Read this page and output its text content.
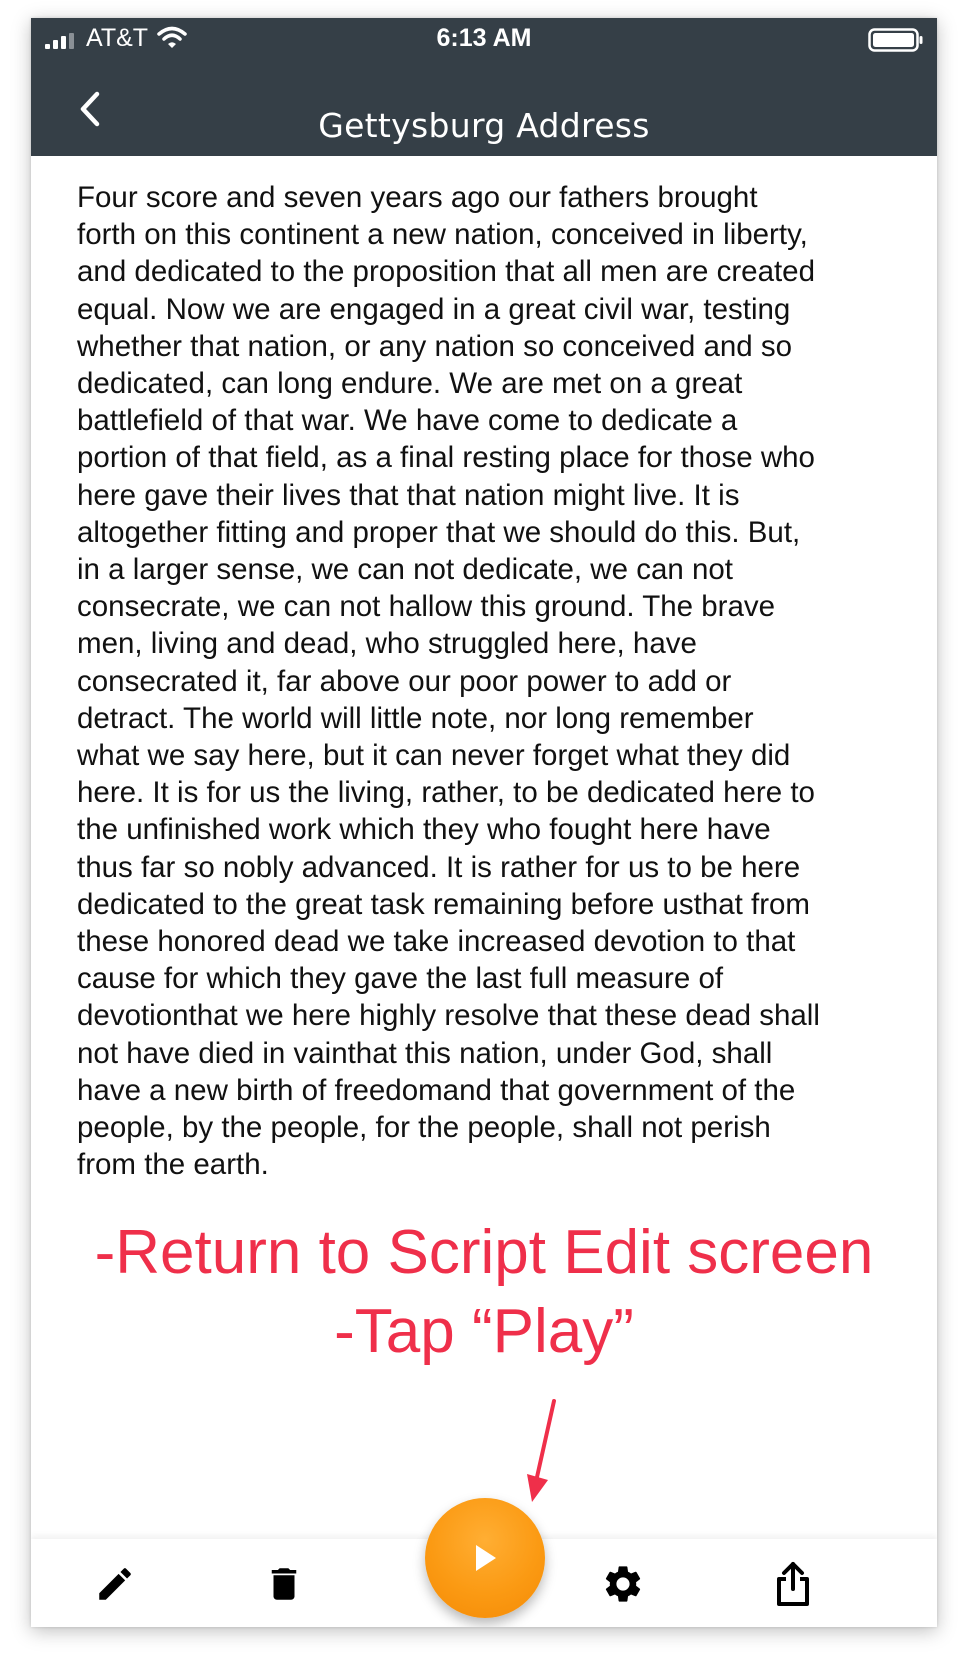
AT&T	6:13 AM
Gettysburg Address
Four score and seven years ago our fathers brought
forth on this continent a new nation, conceived in liberty,
and dedicated to the proposition that all men are created
equal. Now we are engaged in a great civil war, testing
whether that nation, or any nation so conceived and so
dedicated, can long endure. We are met on a great
battlefield of that war. We have come to dedicate a
portion of that field, as a final resting place for those who
here gave their lives that that nation might live. It is
altogether fitting and proper that we should do this. But,
in a larger sense, we can not dedicate, we can not
consecrate, we can not hallow this ground. The brave
men, living and dead, who struggled here, have
consecrated it, far above our poor power to add or
detract. The world will little note, nor long remember
what we say here, but it can never forget what they did
here. It is for us the living, rather, to be dedicated here to
the unfinished work which they who fought here have
thus far so nobly advanced. It is rather for us to be here
dedicated to the great task remaining before usthat from
these honored dead we take increased devotion to that
cause for which they gave the last full measure of
devotionthat we here highly resolve that these dead shall
not have died in vainthat this nation, under God, shall
have a new birth of freedomand that government of the
people, by the people, for the people, shall not perish
from the earth.
-Return to Script Edit screen
-Tap “Play”
